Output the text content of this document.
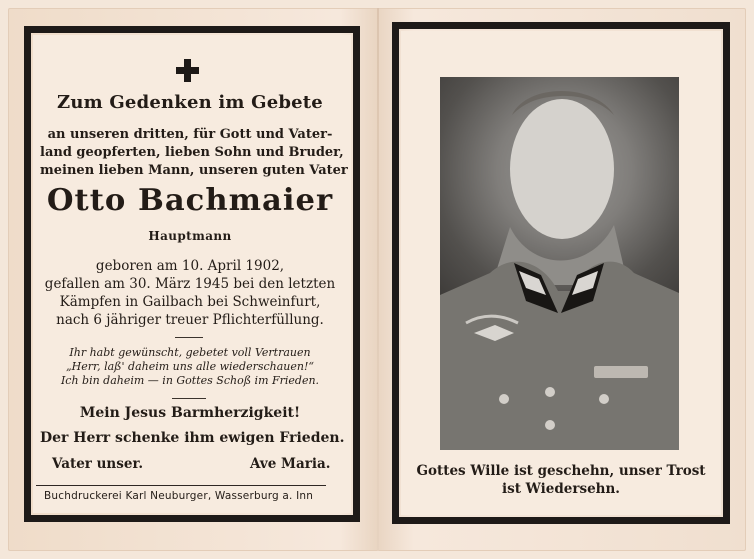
Zum Gedenken im Gebete
an unseren dritten, für Gott und Vater-
land geopferten, lieben Sohn und Bruder,
meinen lieben Mann, unseren guten Vater
Otto Bachmaier
Hauptmann
geboren am 10. April 1902,
gefallen am 30. März 1945 bei den letzten
Kämpfen in Gailbach bei Schweinfurt,
nach 6 jähriger treuer Pflichterfüllung.
Ihr habt gewünscht, gebetet voll Vertrauen
„Herr, laß' daheim uns alle wiederschauen!“
Ich bin daheim — in Gottes Schoß im Frieden.
Mein Jesus Barmherzigkeit!
Der Herr schenke ihm ewigen Frieden.
Vater unser.	Ave Maria.
Buchdruckerei Karl Neuburger, Wasserburg a. Inn
Gottes Wille ist geschehn, unser Trost
ist Wiedersehn.
